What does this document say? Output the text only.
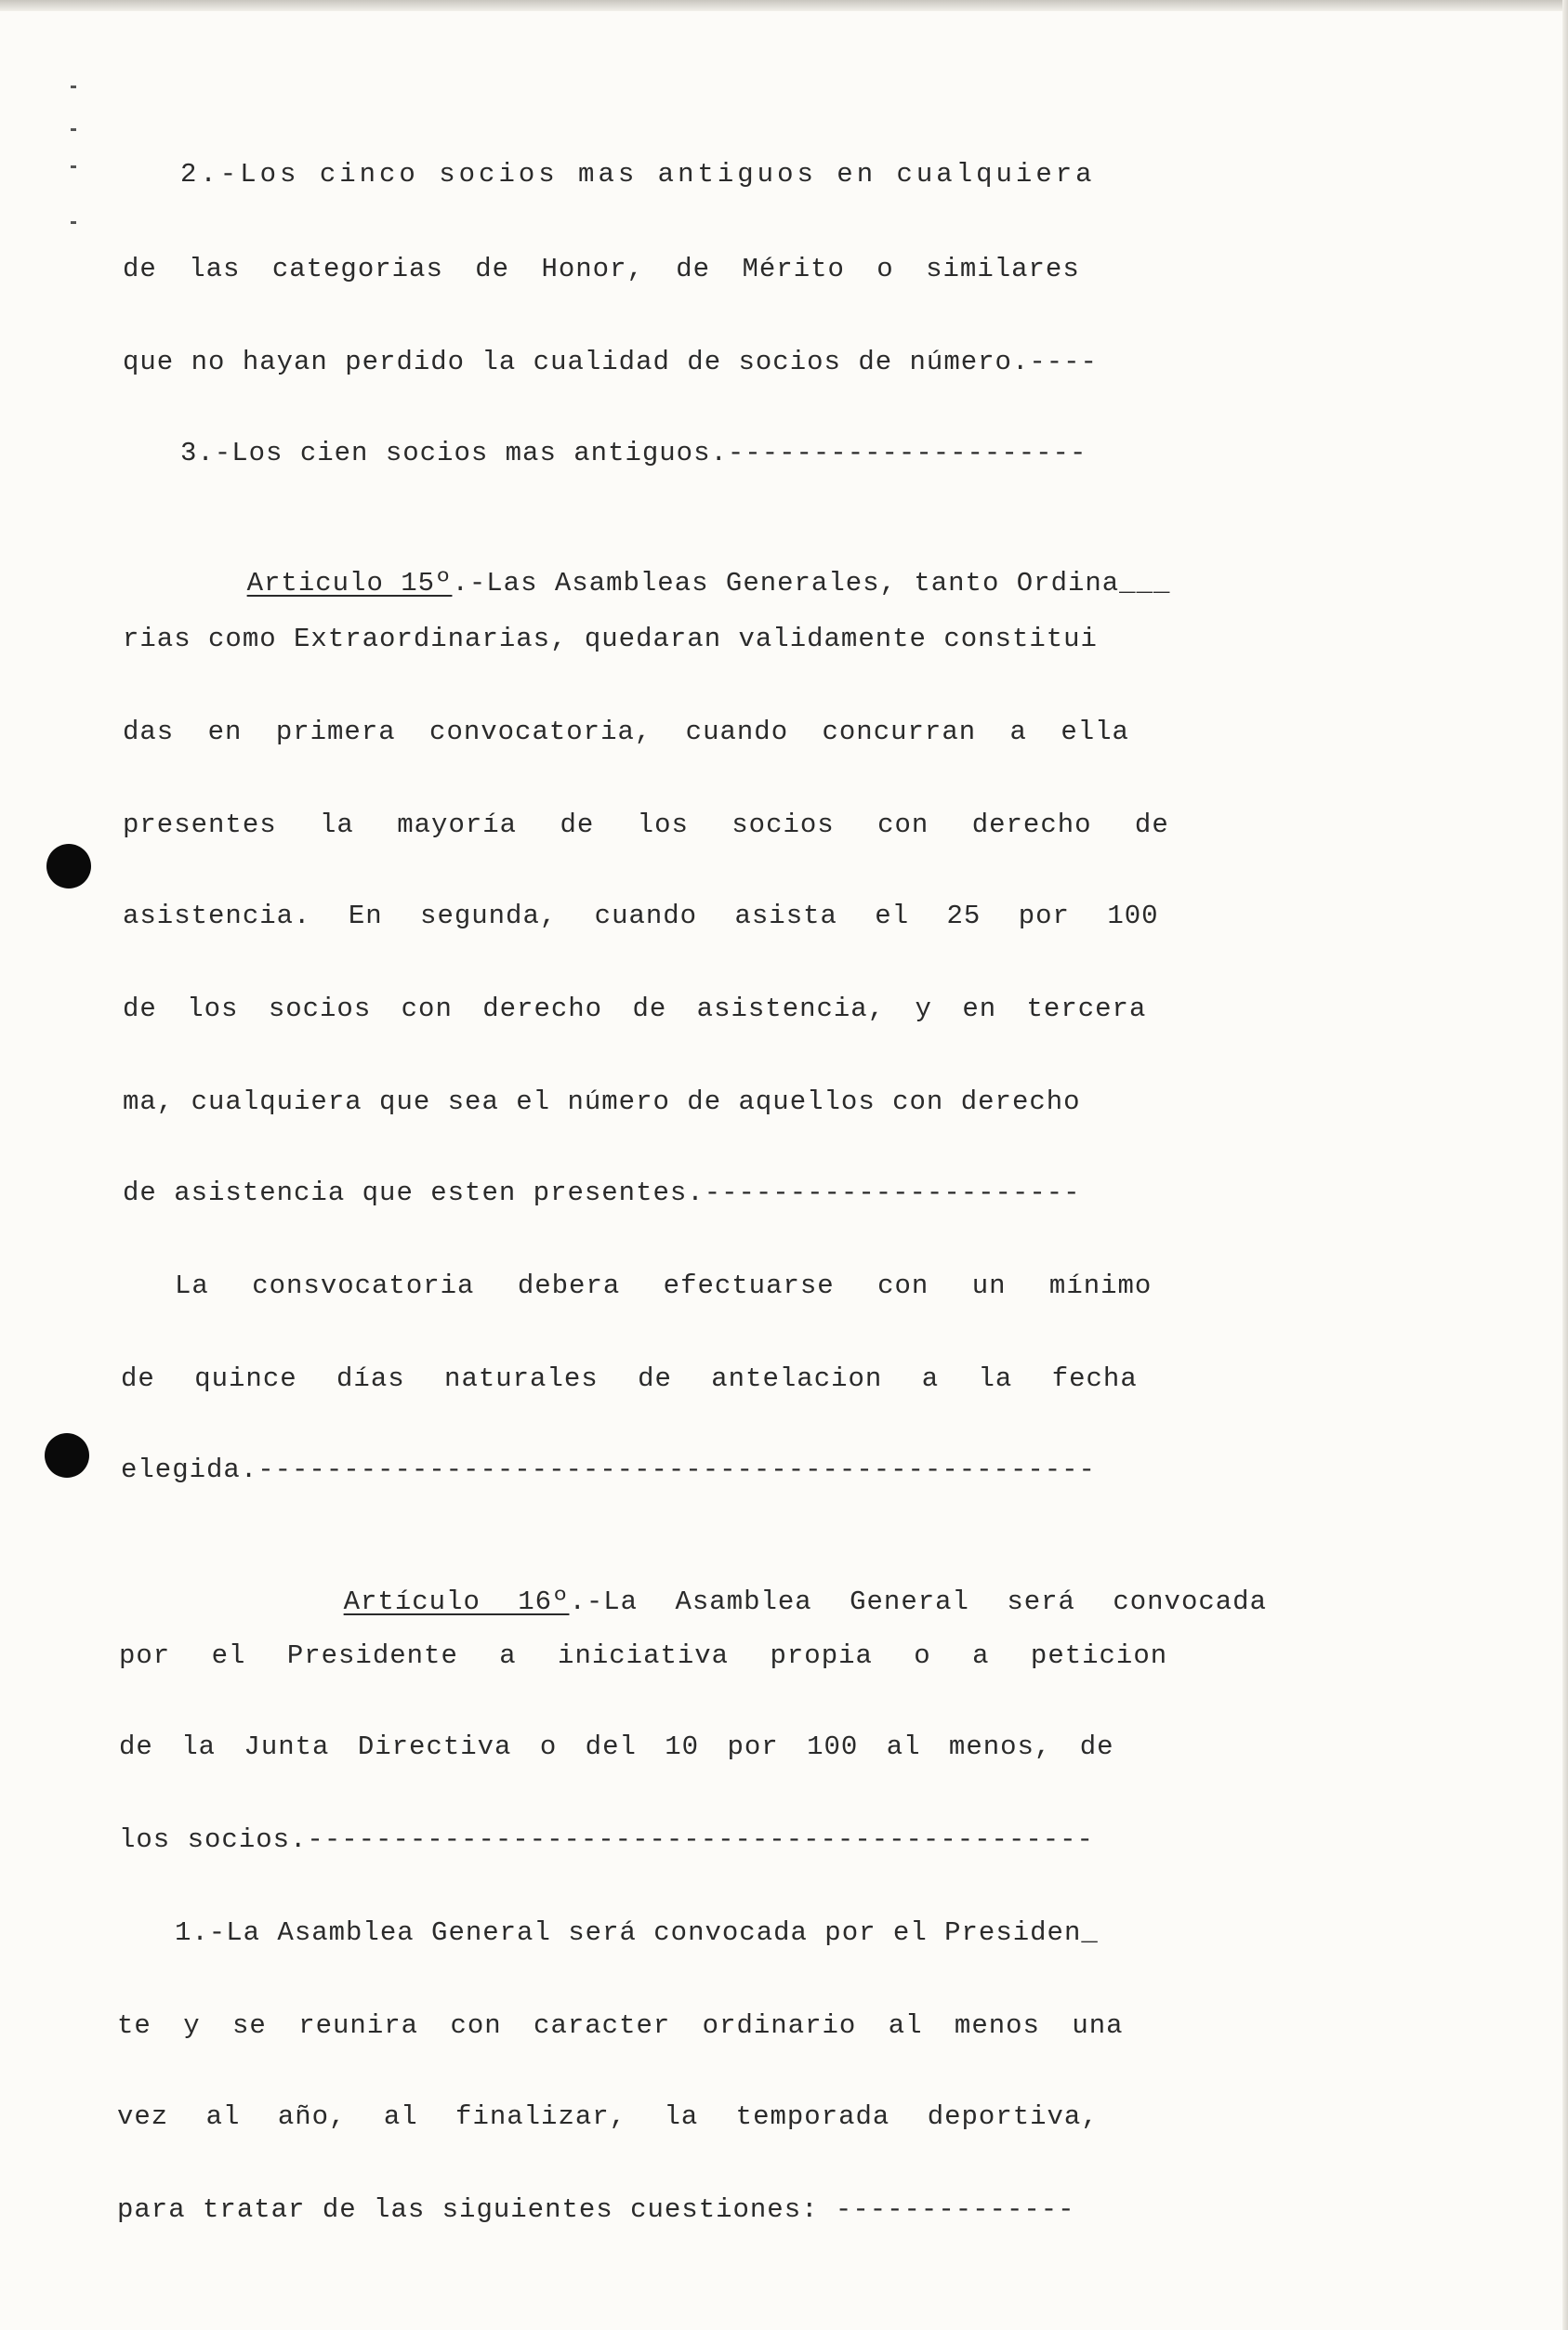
2.-Los cinco socios mas antiguos en cualquiera
de las categorias de Honor, de Mérito o similares
que no hayan perdido la cualidad de socios de número.----
3.-Los cien socios mas antiguos.---------------------

Articulo 15º.-Las Asambleas Generales, tanto Ordina___

rias como Extraordinarias, quedaran validamente constitui
das en primera convocatoria, cuando concurran a ella
presentes la mayoría de los socios con derecho de
asistencia. En segunda, cuando asista el 25 por 100
de los socios con derecho de asistencia, y en tercera
ma, cualquiera que sea el número de aquellos con derecho
de asistencia que esten presentes.----------------------
La consvocatoria debera efectuarse con un mínimo
de quince días naturales de antelacion a la fecha
elegida.-------------------------------------------------

Artículo 16º.-La Asamblea General será convocada

por el Presidente a iniciativa propia o a peticion
de la Junta Directiva o del 10 por 100 al menos, de
los socios.----------------------------------------------
1.-La Asamblea General será convocada por el Presiden_
te y se reunira con caracter ordinario al menos una
vez al año, al finalizar, la temporada deportiva,
para tratar de las siguientes cuestiones: --------------
